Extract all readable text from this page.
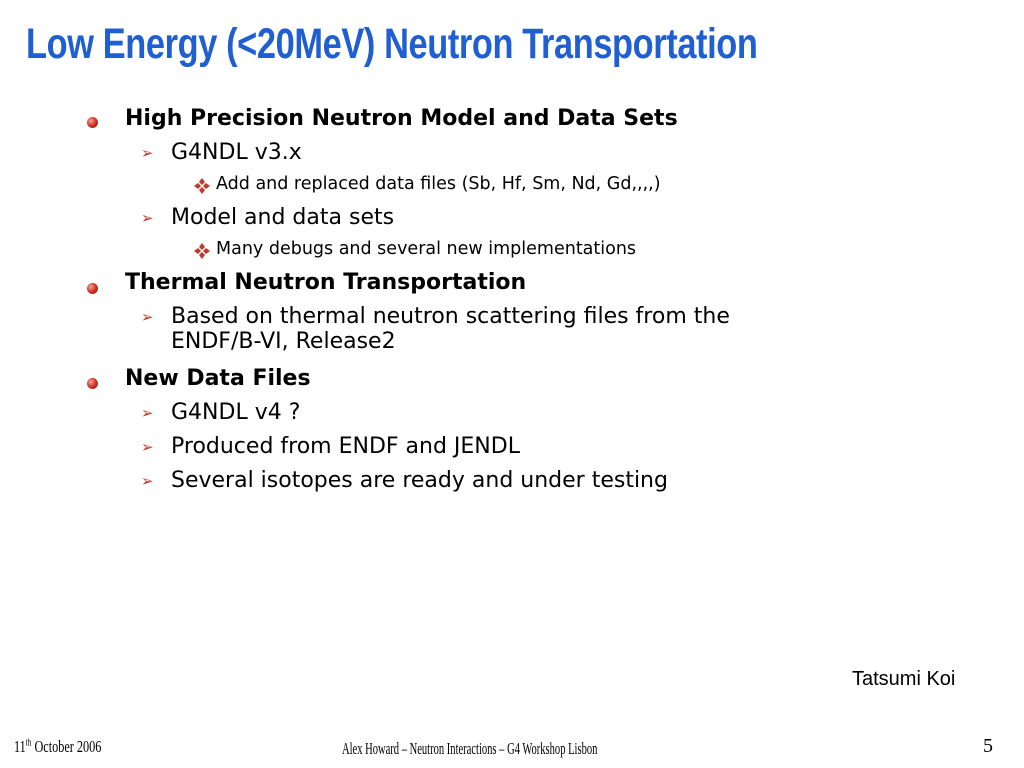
Low Energy (<20MeV) Neutron Transportation
High Precision Neutron Model and Data Sets
➢ G4NDL v3.x
Add and replaced data files (Sb, Hf, Sm, Nd, Gd,,,,)
➢ Model and data sets
Many debugs and several new implementations
Thermal Neutron Transportation
➢ Based on thermal neutron scattering files from the
ENDF/B-VI, Release2
New Data Files
➢ G4NDL v4 ?
➢ Produced from ENDF and JENDL
➢ Several isotopes are ready and under testing
Tatsumi Koi
11th October 2006	Alex Howard – Neutron Interactions – G4 Workshop Lisbon	5
